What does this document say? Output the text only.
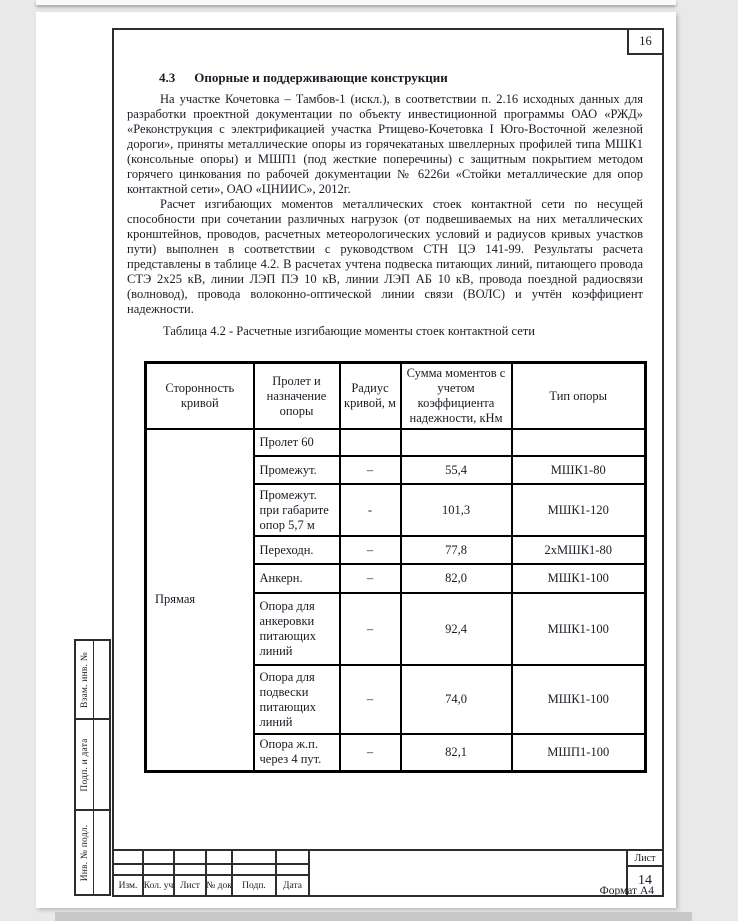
16
4.3 Опорные и поддерживающие конструкции

На участке Кочетовка – Тамбов-1 (искл.), в соответствии п. 2.16 исходных данных для разработки проектной документации по объекту инвестиционной программы ОАО «РЖД» «Реконструкция с электрификацией участка Ртищево-Кочетовка I Юго-Восточной железной дороги», приняты металлические опоры из горячекатаных швеллерных профилей типа МШК1 (консольные опоры) и МШП1 (под жесткие поперечины) с защитным покрытием методом горячего цинкования по рабочей документации № 6226и «Стойки металлические для опор контактной сети», ОАО «ЦНИИС», 2012г.

Расчет изгибающих моментов металлических стоек контактной сети по несущей способности при сочетании различных нагрузок (от подвешиваемых на них металлических кронштейнов, проводов, расчетных метеорологических условий и радиусов кривых участков пути) выполнен в соответствии с руководством СТН ЦЭ 141-99. Результаты расчета представлены в таблице 4.2. В расчетах учтена подвеска питающих линий, питающего провода СТЭ 2х25 кВ, линии ЛЭП ПЭ 10 кВ, линии ЛЭП АБ 10 кВ, провода поездной радиосвязи (волновод), провода волоконно-оптической линии связи (ВОЛС) и учтён коэффициент надежности.

Таблица 4.2 - Расчетные изгибающие моменты стоек контактной сети
Сторонность кривой	Пролет и назначение опоры	Радиус кривой, м	Сумма моментов с учетом коэффициента надежности, кНм	Тип опоры
Прямая	Пролет 60			
	Промежут.	–	55,4	МШК1-80
	Промежут. при габарите опор 5,7 м	-	101,3	МШК1-120
	Переходн.	–	77,8	2хМШК1-80
	Анкерн.	–	82,0	МШК1-100
	Опора для анкеровки питающих линий	–	92,4	МШК1-100
	Опора для подвески питающих линий	–	74,0	МШК1-100
	Опора ж.п. через 4 пут.	–	82,1	МШП1-100
Изм. Кол. уч Лист № док	Подп.	Дата
Лист
14
Взам. инв. №
Подп. и дата
Инв. № подл.
Формат А4
